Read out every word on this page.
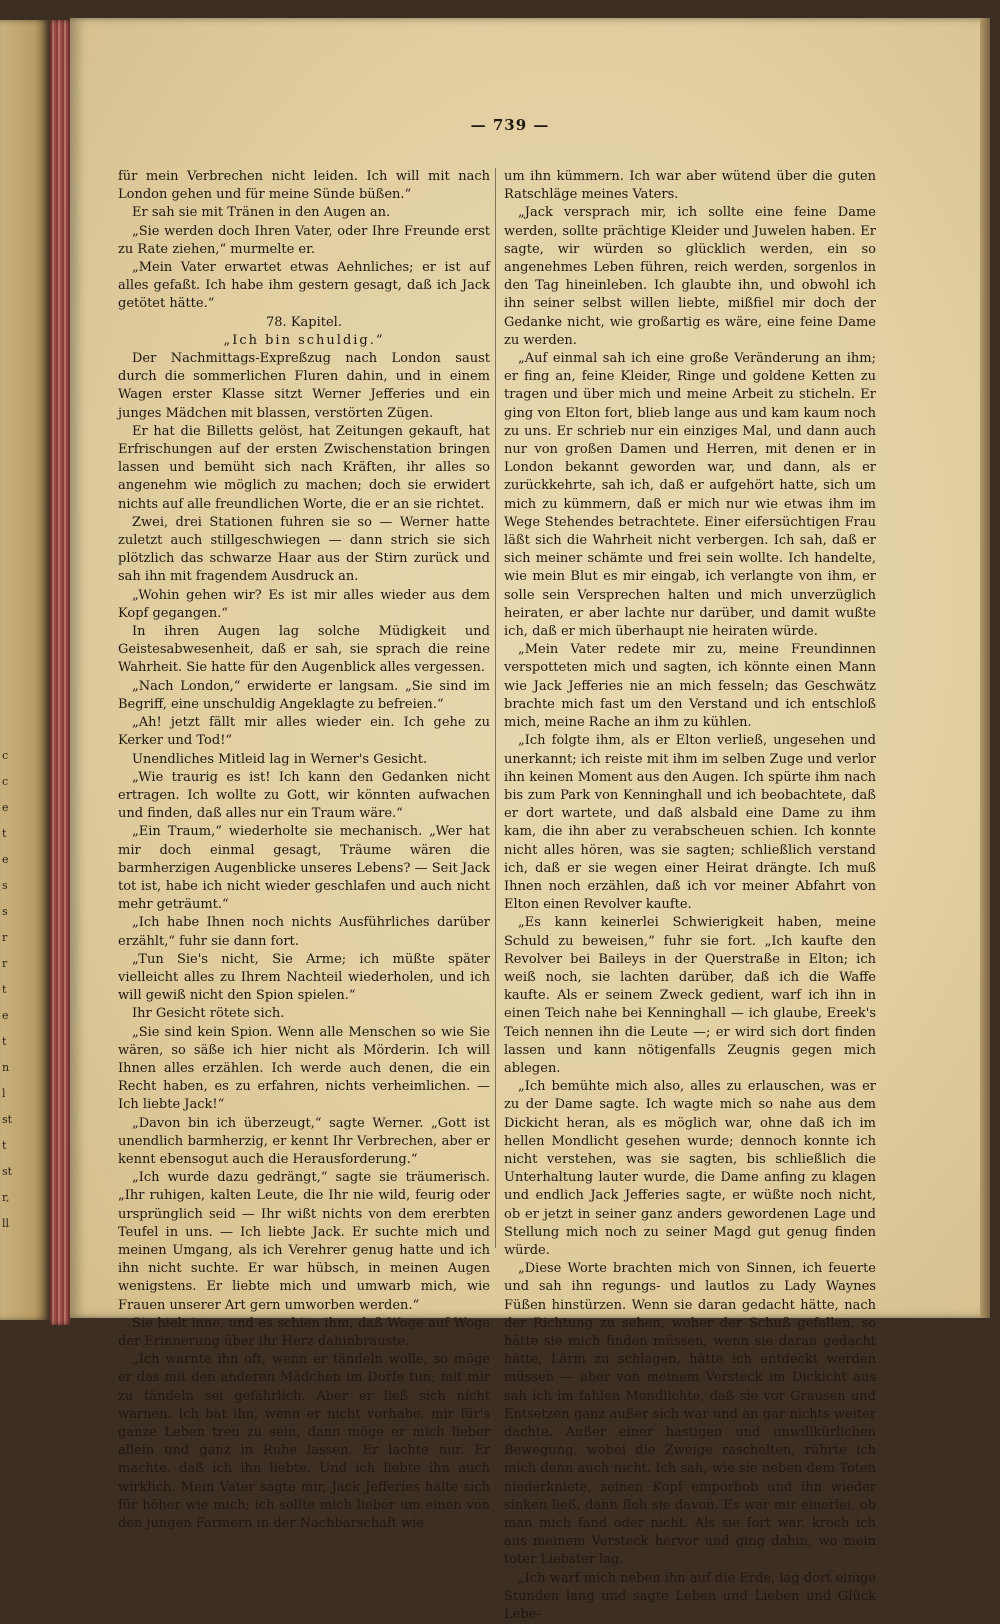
c
c
e
t
e
s
s
r
r
t
e
t
n
l
st
t
st
r,
ll
— 739 —

für mein Verbrechen nicht leiden. Ich will mit nach London gehen und für meine Sünde büßen.“

Er sah sie mit Tränen in den Augen an.

„Sie werden doch Ihren Vater, oder Ihre Freunde erst zu Rate ziehen,“ murmelte er.

„Mein Vater erwartet etwas Aehnliches; er ist auf alles gefaßt. Ich habe ihm gestern gesagt, daß ich Jack getötet hätte.“

78. Kapitel.

„Ich bin schuldig.“

Der Nachmittags-Expreßzug nach London saust durch die sommerlichen Fluren dahin, und in einem Wagen erster Klasse sitzt Werner Jefferies und ein junges Mädchen mit blassen, verstörten Zügen.

Er hat die Billetts gelöst, hat Zeitungen gekauft, hat Erfrischungen auf der ersten Zwischenstation bringen lassen und bemüht sich nach Kräften, ihr alles so angenehm wie möglich zu machen; doch sie erwidert nichts auf alle freundlichen Worte, die er an sie richtet.

Zwei, drei Stationen fuhren sie so — Werner hatte zuletzt auch stillgeschwiegen — dann strich sie sich plötzlich das schwarze Haar aus der Stirn zurück und sah ihn mit fragendem Ausdruck an.

„Wohin gehen wir? Es ist mir alles wieder aus dem Kopf gegangen.“

In ihren Augen lag solche Müdigkeit und Geistesabwesenheit, daß er sah, sie sprach die reine Wahrheit. Sie hatte für den Augenblick alles vergessen.

„Nach London,“ erwiderte er langsam. „Sie sind im Begriff, eine unschuldig Angeklagte zu befreien.“

„Ah! jetzt fällt mir alles wieder ein. Ich gehe zu Kerker und Tod!“

Unendliches Mitleid lag in Werner's Gesicht.

„Wie traurig es ist! Ich kann den Gedanken nicht ertragen. Ich wollte zu Gott, wir könnten aufwachen und finden, daß alles nur ein Traum wäre.“

„Ein Traum,“ wiederholte sie mechanisch. „Wer hat mir doch einmal gesagt, Träume wären die barmherzigen Augenblicke unseres Lebens? — Seit Jack tot ist, habe ich nicht wieder geschlafen und auch nicht mehr geträumt.“

„Ich habe Ihnen noch nichts Ausführliches darüber erzählt,“ fuhr sie dann fort.

„Tun Sie's nicht, Sie Arme; ich müßte später vielleicht alles zu Ihrem Nachteil wiederholen, und ich will gewiß nicht den Spion spielen.“

Ihr Gesicht rötete sich.

„Sie sind kein Spion. Wenn alle Menschen so wie Sie wären, so säße ich hier nicht als Mörderin. Ich will Ihnen alles erzählen. Ich werde auch denen, die ein Recht haben, es zu erfahren, nichts verheimlichen. — Ich liebte Jack!“

„Davon bin ich überzeugt,“ sagte Werner. „Gott ist unendlich barmherzig, er kennt Ihr Verbrechen, aber er kennt ebensogut auch die Herausforderung.“

„Ich wurde dazu gedrängt,“ sagte sie träumerisch. „Ihr ruhigen, kalten Leute, die Ihr nie wild, feurig oder ursprünglich seid — Ihr wißt nichts von dem ererbten Teufel in uns. — Ich liebte Jack. Er suchte mich und meinen Umgang, als ich Verehrer genug hatte und ich ihn nicht suchte. Er war hübsch, in meinen Augen wenigstens. Er liebte mich und umwarb mich, wie Frauen unserer Art gern umworben werden.“

Sie hielt inne, und es schien ihm, daß Woge auf Woge der Erinnerung über ihr Herz dahinbrauste.

„Ich warnte ihn oft, wenn er tändeln wolle, so möge er das mit den anderen Mädchen im Dorfe tun; mit mir zu tändeln sei gefährlich. Aber er ließ sich nicht warnen. Ich bat ihn, wenn er nicht vorhabe, mir für's ganze Leben treu zu sein, dann möge er mich lieber allein und ganz in Ruhe lassen. Er lachte nur. Er machte, daß ich ihn liebte. Und ich liebte ihn auch wirklich. Mein Vater sagte mir, Jack Jefferies halte sich für höher wie mich; ich sollte mich lieber um einen von den jungen Farmern in der Nachbarschaft wie

um ihn kümmern. Ich war aber wütend über die guten Ratschläge meines Vaters.

„Jack versprach mir, ich sollte eine feine Dame werden, sollte prächtige Kleider und Juwelen haben. Er sagte, wir würden so glücklich werden, ein so angenehmes Leben führen, reich werden, sorgenlos in den Tag hineinleben. Ich glaubte ihn, und obwohl ich ihn seiner selbst willen liebte, mißfiel mir doch der Gedanke nicht, wie großartig es wäre, eine feine Dame zu werden.

„Auf einmal sah ich eine große Veränderung an ihm; er fing an, feine Kleider, Ringe und goldene Ketten zu tragen und über mich und meine Arbeit zu sticheln. Er ging von Elton fort, blieb lange aus und kam kaum noch zu uns. Er schrieb nur ein einziges Mal, und dann auch nur von großen Damen und Herren, mit denen er in London bekannt geworden war, und dann, als er zurückkehrte, sah ich, daß er aufgehört hatte, sich um mich zu kümmern, daß er mich nur wie etwas ihm im Wege Stehendes betrachtete. Einer eifersüchtigen Frau läßt sich die Wahrheit nicht verbergen. Ich sah, daß er sich meiner schämte und frei sein wollte. Ich handelte, wie mein Blut es mir eingab, ich verlangte von ihm, er solle sein Versprechen halten und mich unverzüglich heiraten, er aber lachte nur darüber, und damit wußte ich, daß er mich überhaupt nie heiraten würde.

„Mein Vater redete mir zu, meine Freundinnen verspotteten mich und sagten, ich könnte einen Mann wie Jack Jefferies nie an mich fesseln; das Geschwätz brachte mich fast um den Verstand und ich entschloß mich, meine Rache an ihm zu kühlen.

„Ich folgte ihm, als er Elton verließ, ungesehen und unerkannt; ich reiste mit ihm im selben Zuge und verlor ihn keinen Moment aus den Augen. Ich spürte ihm nach bis zum Park von Kenninghall und ich beobachtete, daß er dort wartete, und daß alsbald eine Dame zu ihm kam, die ihn aber zu verabscheuen schien. Ich konnte nicht alles hören, was sie sagten; schließlich verstand ich, daß er sie wegen einer Heirat drängte. Ich muß Ihnen noch erzählen, daß ich vor meiner Abfahrt von Elton einen Revolver kaufte.

„Es kann keinerlei Schwierigkeit haben, meine Schuld zu beweisen,“ fuhr sie fort. „Ich kaufte den Revolver bei Baileys in der Querstraße in Elton; ich weiß noch, sie lachten darüber, daß ich die Waffe kaufte. Als er seinem Zweck gedient, warf ich ihn in einen Teich nahe bei Kenninghall — ich glaube, Ereek's Teich nennen ihn die Leute —; er wird sich dort finden lassen und kann nötigenfalls Zeugnis gegen mich ablegen.

„Ich bemühte mich also, alles zu erlauschen, was er zu der Dame sagte. Ich wagte mich so nahe aus dem Dickicht heran, als es möglich war, ohne daß ich im hellen Mondlicht gesehen wurde; dennoch konnte ich nicht verstehen, was sie sagten, bis schließlich die Unterhaltung lauter wurde, die Dame anfing zu klagen und endlich Jack Jefferies sagte, er wüßte noch nicht, ob er jetzt in seiner ganz anders gewordenen Lage und Stellung mich noch zu seiner Magd gut genug finden würde.

„Diese Worte brachten mich von Sinnen, ich feuerte und sah ihn regungs- und lautlos zu Lady Waynes Füßen hinstürzen. Wenn sie daran gedacht hätte, nach der Richtung zu sehen, woher der Schuß gefallen, so hätte sie mich finden müssen, wenn sie daran gedacht hätte, Lärm zu schlagen, hätte ich entdeckt werden müssen — aber von meinem Versteck im Dickicht aus sah ich im fahlen Mondlichte, daß sie vor Grausen und Entsetzen ganz außer sich war und an gar nichts weiter dachte. Außer einer hastigen und unwillkürlichen Bewegung, wobei die Zweige raschelten, rührte ich mich denn auch nicht. Ich sah, wie sie neben dem Toten niederkniete, seinen Kopf emporhob und ihn wieder sinken ließ, dann floh sie davon. Es war mir einerlei, ob man mich fand oder nicht. Als sie fort war, kroch ich aus meinem Versteck hervor und ging dahin, wo mein toter Liebster lag.

„Ich warf mich neben ihn auf die Erde, lag dort einige Stunden lang und sagte Leben und Lieben und Glück Lebe-
